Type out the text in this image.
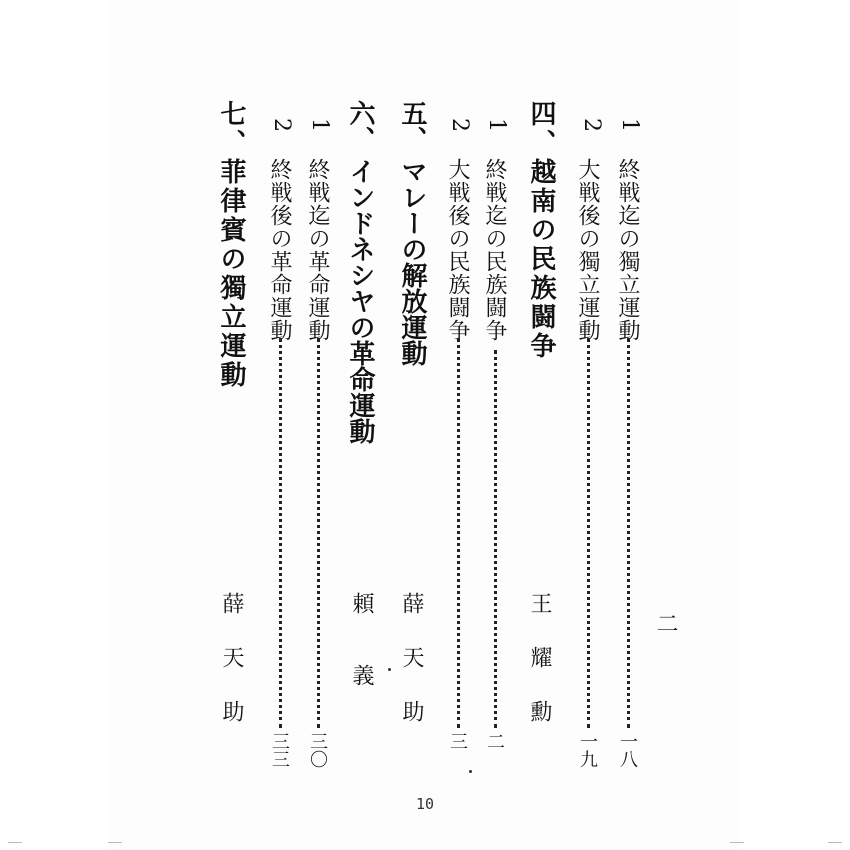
1
終戦迄の獨立運動
一八
2
大戦後の獨立運動
一九
二
四、
越南の民族闘争
王耀勳
1
終戦迄の民族闘争
二
2
大戦後の民族闘争
三
五、
マレーの解放運動
薛天助
六、
インドネシヤの革命運動
頼義
1
終戦迄の革命運動
三〇
2
終戦後の革命運動
三三
七、
菲律賓の獨立運動
薛天助
10
